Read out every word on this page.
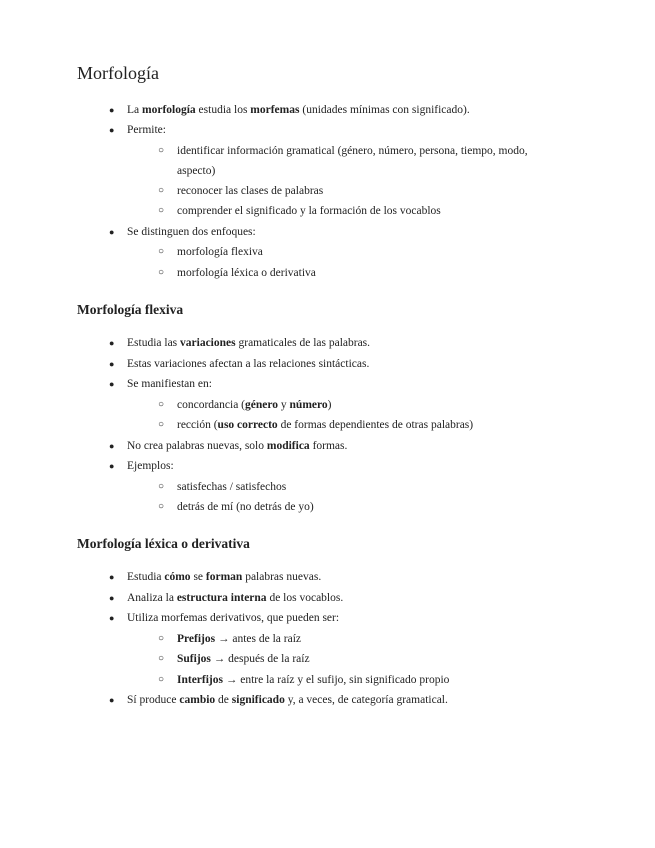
Morfología
● La morfología estudia los morfemas (unidades mínimas con significado).
● Permite:
○ identificar información gramatical (género, número, persona, tiempo, modo, aspecto)
○ reconocer las clases de palabras
○ comprender el significado y la formación de los vocablos
● Se distinguen dos enfoques:
○ morfología flexiva
○ morfología léxica o derivativa
Morfología flexiva
● Estudia las variaciones gramaticales de las palabras.
● Estas variaciones afectan a las relaciones sintácticas.
● Se manifiestan en:
○ concordancia (género y número)
○ rección (uso correcto de formas dependientes de otras palabras)
● No crea palabras nuevas, solo modifica formas.
● Ejemplos:
○ satisfechas / satisfechos
○ detrás de mí (no detrás de yo)
Morfología léxica o derivativa
● Estudia cómo se forman palabras nuevas.
● Analiza la estructura interna de los vocablos.
● Utiliza morfemas derivativos, que pueden ser:
○ Prefijos → antes de la raíz
○ Sufijos → después de la raíz
○ Interfijos → entre la raíz y el sufijo, sin significado propio
● Sí produce cambio de significado y, a veces, de categoría gramatical.
